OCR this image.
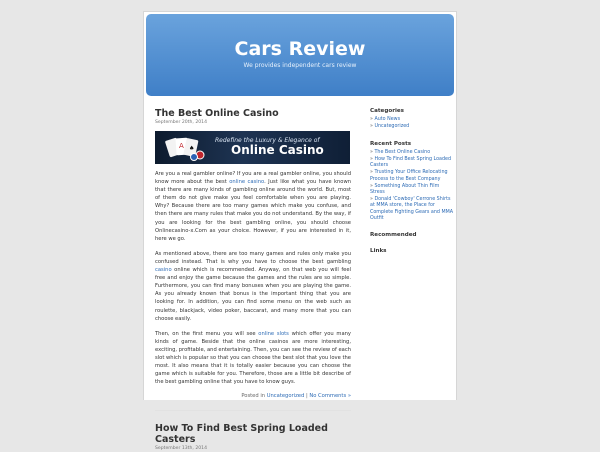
Cars Review
We provides independent cars review
The Best Online Casino
September 20th, 2014
A ♠
Redefine the Luxury & Elegance of
Online Casino

Are you a real gambler online? If you are a real gambler online, you should know more about the best online casino. Just like what you have known that there are many kinds of gambling online around the world. But, most of them do not give make you feel comfortable when you are playing. Why? Because there are too many games which make you confuse, and then there are many rules that make you do not understand. By the way, if you are looking for the best gambling online, you should choose Onlinecasino-x.Com as your choice. However, if you are interested in it, here we go.

As mentioned above, there are too many games and rules only make you confused instead. That is why you have to choose the best gambling casino online which is recommended. Anyway, on that web you will feel free and enjoy the game because the games and the rules are so simple. Furthermore, you can find many bonuses when you are playing the game. As you already known that bonus is the important thing that you are looking for. In addition, you can find some menu on the web such as roulette, blackjack, video poker, baccarat, and many more that you can choose easily.

Then, on the first menu you will see online slots which offer you many kinds of game. Beside that the online casinos are more interesting, exciting, profitable, and entertaining. Then, you can see the review of each slot which is popular so that you can choose the best slot that you love the most. It also means that it is totally easier because you can choose the game which is suitable for you. Therefore, those are a little bit describe of the best gambling online that you have to know guys.

Posted in Uncategorized | No Comments »
How To Find Best Spring Loaded Casters
September 13th, 2014
Categories
» Auto News
» Uncategorized
Recent Posts
» The Best Online Casino
» How To Find Best Spring Loaded Casters
» Trusting Your Office Relocating Process to the Best Company
» Something About Thin Film Stress
» Donald 'Cowboy' Cerrone Shirts at MMA store, the Place for Complete Fighting Gears and MMA Outfit
Recommended
Links
